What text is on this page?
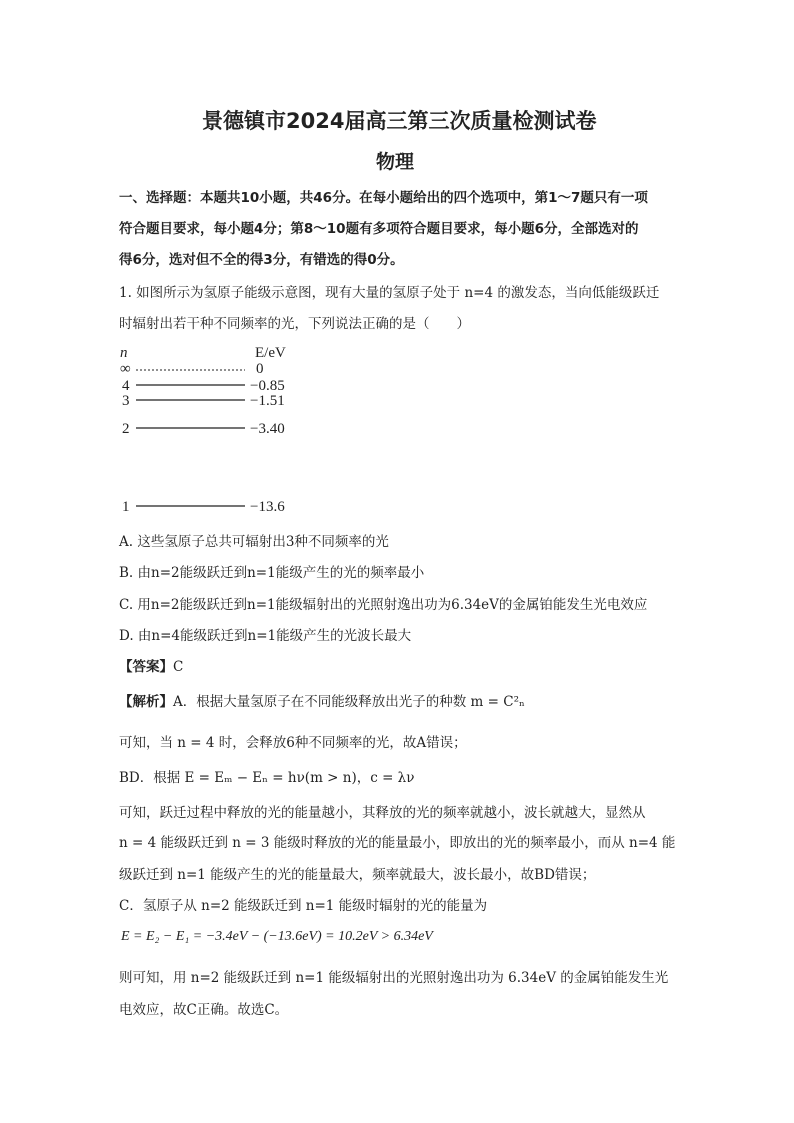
景德镇市2024届高三第三次质量检测试卷
物理
一、选择题：本题共10小题，共46分。在每小题给出的四个选项中，第1～7题只有一项
符合题目要求，每小题4分；第8～10题有多项符合题目要求，每小题6分，全部选对的
得6分，选对但不全的得3分，有错选的得0分。
1. 如图所示为氢原子能级示意图，现有大量的氢原子处于 n=4 的激发态，当向低能级跃迁
时辐射出若干种不同频率的光，下列说法正确的是（　　）
n	E/eV
∞	0
4	−0.85
3	−1.51
2	−3.40
1	−13.6
A. 这些氢原子总共可辐射出3种不同频率的光
B. 由n=2能级跃迁到n=1能级产生的光的频率最小
C. 用n=2能级跃迁到n=1能级辐射出的光照射逸出功为6.34eV的金属铂能发生光电效应
D. 由n=4能级跃迁到n=1能级产生的光波长最大
【答案】C
【解析】A．根据大量氢原子在不同能级释放出光子的种数 m = C²ₙ
可知，当 n = 4 时，会释放6种不同频率的光，故A错误；
BD．根据 E = Eₘ − Eₙ = hν(m > n)，c = λν
可知，跃迁过程中释放的光的能量越小，其释放的光的频率就越小，波长就越大，显然从
n = 4 能级跃迁到 n = 3 能级时释放的光的能量最小，即放出的光的频率最小，而从 n=4 能
级跃迁到 n=1 能级产生的光的能量最大，频率就最大，波长最小，故BD错误；
C．氢原子从 n=2 能级跃迁到 n=1 能级时辐射的光的能量为
E = E₂ − E₁ = −3.4eV − (−13.6eV) = 10.2eV > 6.34eV
则可知，用 n=2 能级跃迁到 n=1 能级辐射出的光照射逸出功为 6.34eV 的金属铂能发生光
电效应，故C正确。故选C。
